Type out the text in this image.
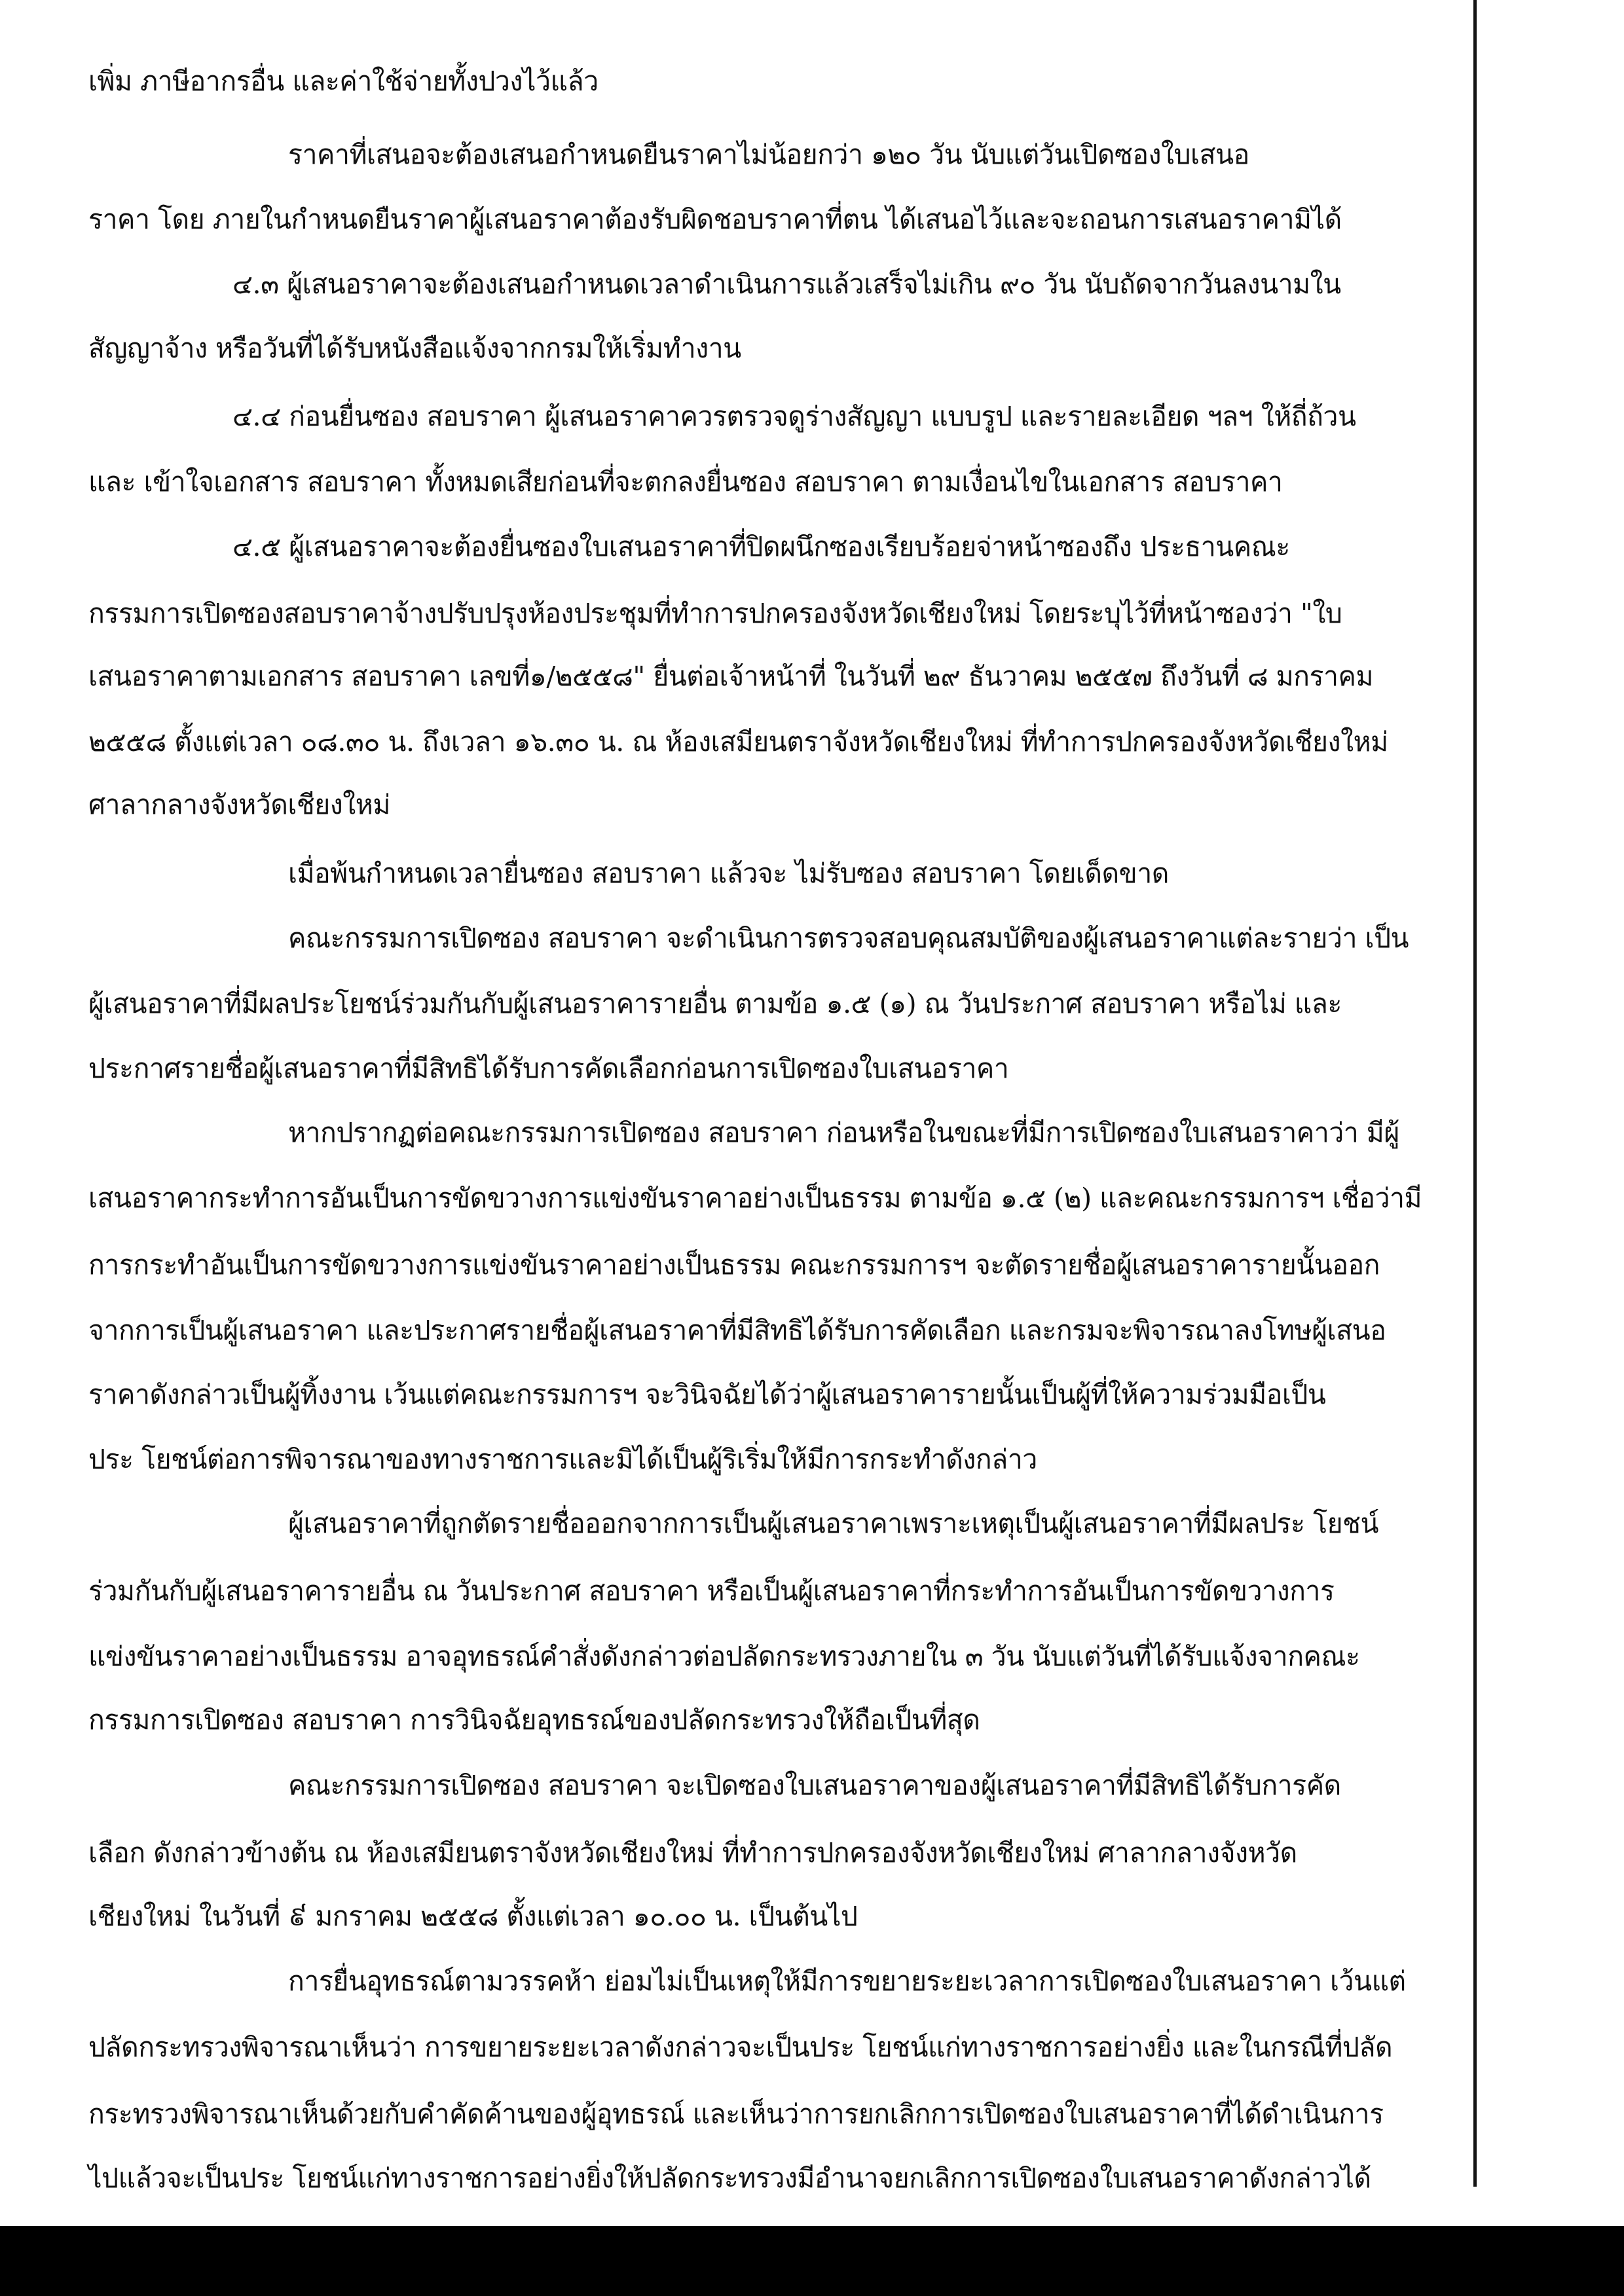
เพิ่ม ภาษีอากรอื่น และค่าใช้จ่ายทั้งปวงไว้แล้ว
ราคาที่เสนอจะต้องเสนอกำหนดยืนราคาไม่น้อยกว่า ๑๒๐ วัน นับแต่วันเปิดซองใบเสนอ
ราคา โดย ภายในกำหนดยืนราคาผู้เสนอราคาต้องรับผิดชอบราคาที่ตน ได้เสนอไว้และจะถอนการเสนอราคามิได้
๔.๓ ผู้เสนอราคาจะต้องเสนอกำหนดเวลาดำเนินการแล้วเสร็จไม่เกิน ๙๐ วัน นับถัดจากวันลงนามใน
สัญญาจ้าง หรือวันที่ได้รับหนังสือแจ้งจากกรมให้เริ่มทำงาน
๔.๔ ก่อนยื่นซอง สอบราคา ผู้เสนอราคาควรตรวจดูร่างสัญญา แบบรูป และรายละเอียด ฯลฯ ให้ถี่ถ้วน
และ เข้าใจเอกสาร สอบราคา ทั้งหมดเสียก่อนที่จะตกลงยื่นซอง สอบราคา ตามเงื่อนไขในเอกสาร สอบราคา
๔.๕ ผู้เสนอราคาจะต้องยื่นซองใบเสนอราคาที่ปิดผนึกซองเรียบร้อยจ่าหน้าซองถึง ประธานคณะ
กรรมการเปิดซองสอบราคาจ้างปรับปรุงห้องประชุมที่ทำการปกครองจังหวัดเชียงใหม่ โดยระบุไว้ที่หน้าซองว่า "ใบ
เสนอราคาตามเอกสาร สอบราคา เลขที่๑/๒๕๕๘" ยื่นต่อเจ้าหน้าที่ ในวันที่ ๒๙ ธันวาคม ๒๕๕๗ ถึงวันที่ ๘ มกราคม
๒๕๕๘ ตั้งแต่เวลา ๐๘.๓๐ น. ถึงเวลา ๑๖.๓๐ น. ณ ห้องเสมียนตราจังหวัดเชียงใหม่ ที่ทำการปกครองจังหวัดเชียงใหม่
ศาลากลางจังหวัดเชียงใหม่
เมื่อพ้นกำหนดเวลายื่นซอง สอบราคา แล้วจะ ไม่รับซอง สอบราคา โดยเด็ดขาด
คณะกรรมการเปิดซอง สอบราคา จะดำเนินการตรวจสอบคุณสมบัติของผู้เสนอราคาแต่ละรายว่า เป็น
ผู้เสนอราคาที่มีผลประโยชน์ร่วมกันกับผู้เสนอราคารายอื่น ตามข้อ ๑.๕ (๑) ณ วันประกาศ สอบราคา หรือไม่ และ
ประกาศรายชื่อผู้เสนอราคาที่มีสิทธิได้รับการคัดเลือกก่อนการเปิดซองใบเสนอราคา
หากปรากฏต่อคณะกรรมการเปิดซอง สอบราคา ก่อนหรือในขณะที่มีการเปิดซองใบเสนอราคาว่า มีผู้
เสนอราคากระทำการอันเป็นการขัดขวางการแข่งขันราคาอย่างเป็นธรรม ตามข้อ ๑.๕ (๒) และคณะกรรมการฯ เชื่อว่ามี
การกระทำอันเป็นการขัดขวางการแข่งขันราคาอย่างเป็นธรรม คณะกรรมการฯ จะตัดรายชื่อผู้เสนอราคารายนั้นออก
จากการเป็นผู้เสนอราคา และประกาศรายชื่อผู้เสนอราคาที่มีสิทธิได้รับการคัดเลือก และกรมจะพิจารณาลงโทษผู้เสนอ
ราคาดังกล่าวเป็นผู้ทิ้งงาน เว้นแต่คณะกรรมการฯ จะวินิจฉัยได้ว่าผู้เสนอราคารายนั้นเป็นผู้ที่ให้ความร่วมมือเป็น
ประ โยชน์ต่อการพิจารณาของทางราชการและมิได้เป็นผู้ริเริ่มให้มีการกระทำดังกล่าว
ผู้เสนอราคาที่ถูกตัดรายชื่อออกจากการเป็นผู้เสนอราคาเพราะเหตุเป็นผู้เสนอราคาที่มีผลประ โยชน์
ร่วมกันกับผู้เสนอราคารายอื่น ณ วันประกาศ สอบราคา หรือเป็นผู้เสนอราคาที่กระทำการอันเป็นการขัดขวางการ
แข่งขันราคาอย่างเป็นธรรม อาจอุทธรณ์คำสั่งดังกล่าวต่อปลัดกระทรวงภายใน ๓ วัน นับแต่วันที่ได้รับแจ้งจากคณะ
กรรมการเปิดซอง สอบราคา การวินิจฉัยอุทธรณ์ของปลัดกระทรวงให้ถือเป็นที่สุด
คณะกรรมการเปิดซอง สอบราคา จะเปิดซองใบเสนอราคาของผู้เสนอราคาที่มีสิทธิได้รับการคัด
เลือก ดังกล่าวข้างต้น ณ ห้องเสมียนตราจังหวัดเชียงใหม่ ที่ทำการปกครองจังหวัดเชียงใหม่ ศาลากลางจังหวัด
เชียงใหม่ ในวันที่ ៩ มกราคม ๒๕๕๘ ตั้งแต่เวลา ๑๐.๐๐ น. เป็นต้นไป
การยื่นอุทธรณ์ตามวรรคห้า ย่อมไม่เป็นเหตุให้มีการขยายระยะเวลาการเปิดซองใบเสนอราคา เว้นแต่
ปลัดกระทรวงพิจารณาเห็นว่า การขยายระยะเวลาดังกล่าวจะเป็นประ โยชน์แก่ทางราชการอย่างยิ่ง และในกรณีที่ปลัด
กระทรวงพิจารณาเห็นด้วยกับคำคัดค้านของผู้อุทธรณ์ และเห็นว่าการยกเลิกการเปิดซองใบเสนอราคาที่ได้ดำเนินการ
ไปแล้วจะเป็นประ โยชน์แก่ทางราชการอย่างยิ่งให้ปลัดกระทรวงมีอำนาจยกเลิกการเปิดซองใบเสนอราคาดังกล่าวได้
